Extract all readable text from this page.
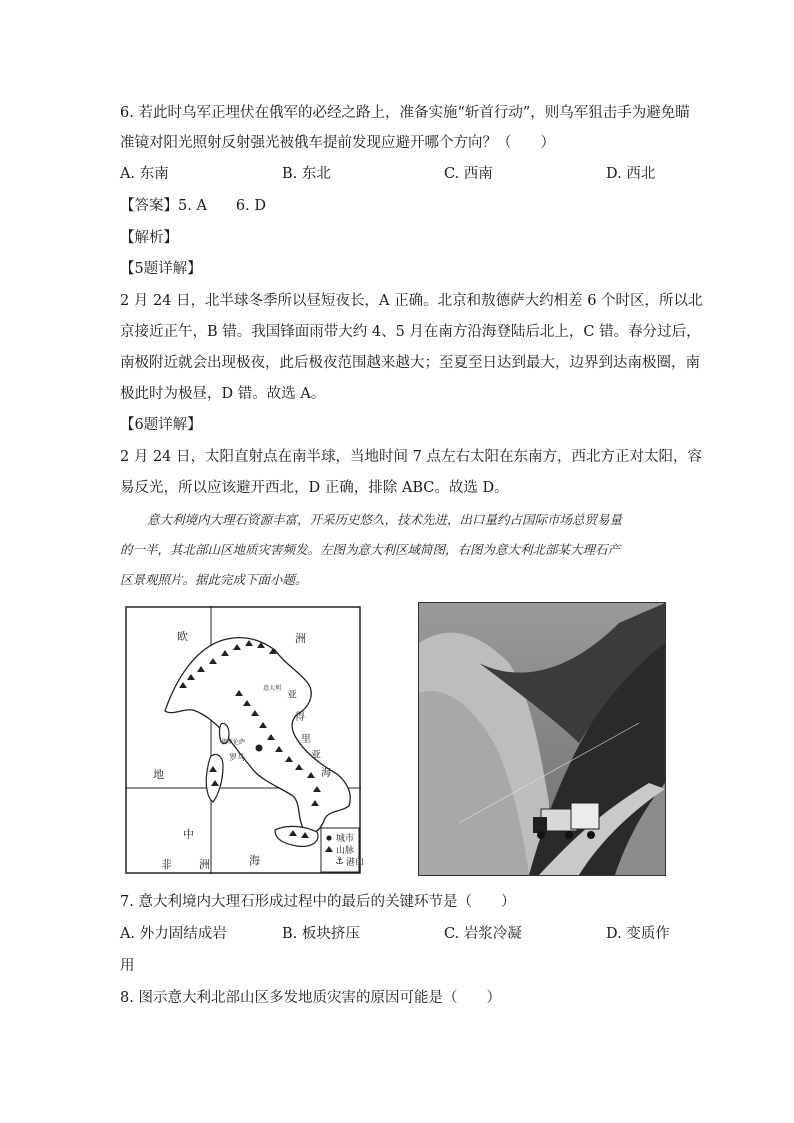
6. 若此时乌军正埋伏在俄军的必经之路上，准备实施“斩首行动”，则乌军狙击手为避免瞄
准镜对阳光照射反射强光被俄车提前发现应避开哪个方向？（　　）
A. 东南	B. 东北	C. 西南	D. 西北
【答案】5. A　　6. D
【解析】
【5题详解】
2 月 24 日，北半球冬季所以昼短夜长，A 正确。北京和敖德萨大约相差 6 个时区，所以北
京接近正午，B 错。我国锋面雨带大约 4、5 月在南方沿海登陆后北上，C 错。春分过后，
南极附近就会出现极夜，此后极夜范围越来越大；至夏至日达到最大，边界到达南极圈，南
极此时为极昼，D 错。故选 A。
【6题详解】
2 月 24 日，太阳直射点在南半球，当地时间 7 点左右太阳在东南方，西北方正对太阳，容
易反光，所以应该避开西北，D 正确，排除 ABC。故选 D。
意大利境内大理石资源丰富，开采历史悠久，技术先进，出口量约占国际市场总贸易量
的一半，其北部山区地质灾害频发。左图为意大利区域简图，右图为意大利北部某大理石产
区景观照片。据此完成下面小题。
欧	洲
亚
得
里
亚
海
地
中
海
非 洲
罗马
佛罗伦萨
意大利
⚓
城市
山脉
港口
7. 意大利境内大理石形成过程中的最后的关键环节是（　　）
A. 外力固结成岩	B. 板块挤压	C. 岩浆冷凝	D. 变质作
用
8. 图示意大利北部山区多发地质灾害的原因可能是（　　）
